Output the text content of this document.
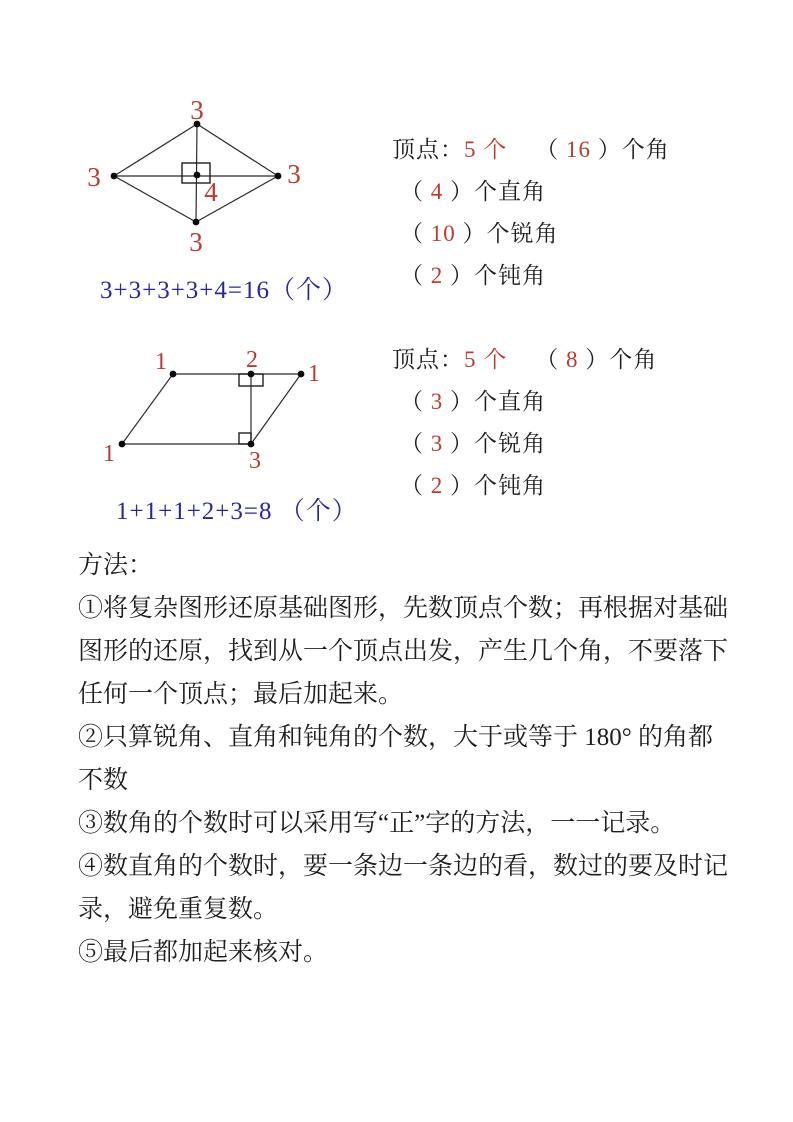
3
3	3
3
4
3+3+3+3+4=16（个）
顶点：5 个 （ 16 ）个角
（ 4 ）个直角
（ 10 ）个锐角
（ 2 ）个钝角
1	2
1
1	3
1+1+1+2+3=8 （个）
顶点：5 个 （ 8 ）个角
（ 3 ）个直角
（ 3 ）个锐角
（ 2 ）个钝角
方法：
①将复杂图形还原基础图形，先数顶点个数；再根据对基础
图形的还原，找到从一个顶点出发，产生几个角，不要落下
任何一个顶点；最后加起来。
②只算锐角、直角和钝角的个数，大于或等于 180° 的角都
不数
③数角的个数时可以采用写“正”字的方法，一一记录。
④数直角的个数时，要一条边一条边的看，数过的要及时记
录，避免重复数。
⑤最后都加起来核对。
